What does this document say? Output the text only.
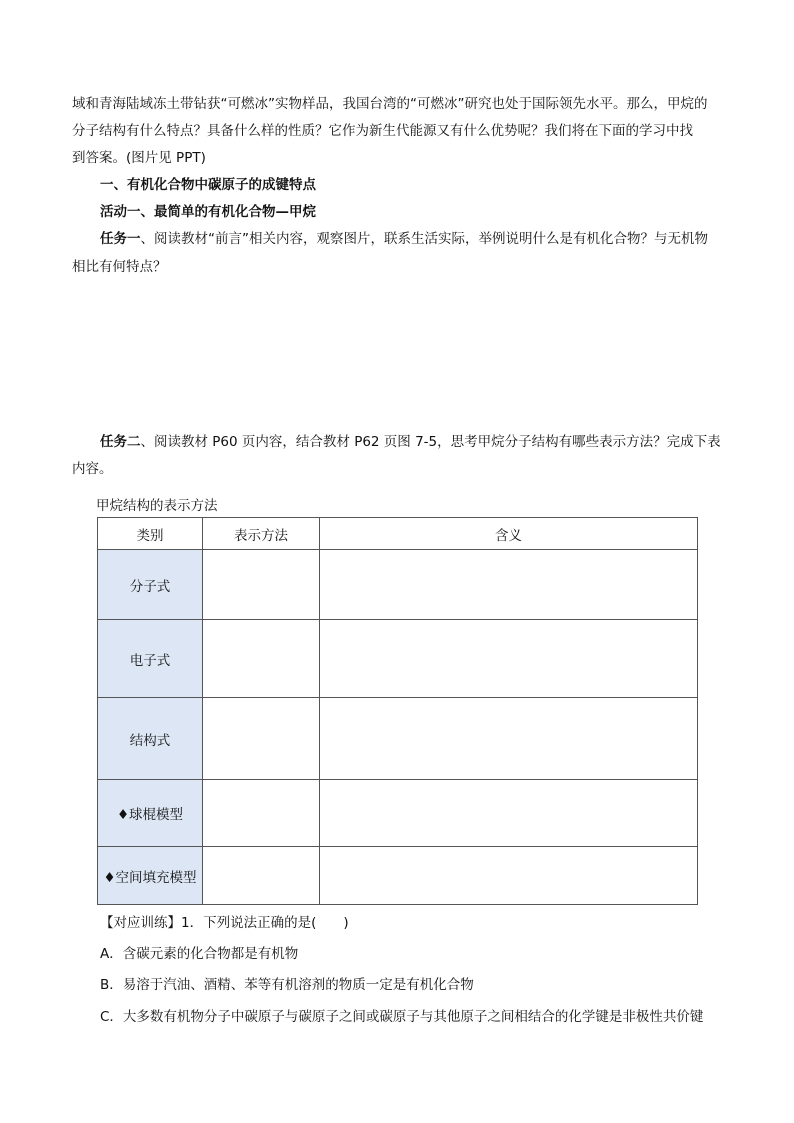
域和青海陆域冻土带钻获“可燃冰”实物样品，我国台湾的“可燃冰”研究也处于国际领先水平。那么，甲烷的
分子结构有什么特点？具备什么样的性质？它作为新生代能源又有什么优势呢？我们将在下面的学习中找
到答案。(图片见 PPT)
一、有机化合物中碳原子的成键特点
活动一、最简单的有机化合物—甲烷
任务一、阅读教材“前言”相关内容，观察图片，联系生活实际，举例说明什么是有机化合物？与无机物
相比有何特点？
任务二、阅读教材 P60 页内容，结合教材 P62 页图 7-5，思考甲烷分子结构有哪些表示方法？完成下表
内容。
甲烷结构的表示方法
类别	表示方法	含义
分子式		
电子式		
结构式		
♦球棍模型		
♦空间填充模型		
【对应训练】1．下列说法正确的是(　　)
A．含碳元素的化合物都是有机物
B．易溶于汽油、酒精、苯等有机溶剂的物质一定是有机化合物
C．大多数有机物分子中碳原子与碳原子之间或碳原子与其他原子之间相结合的化学键是非极性共价键
